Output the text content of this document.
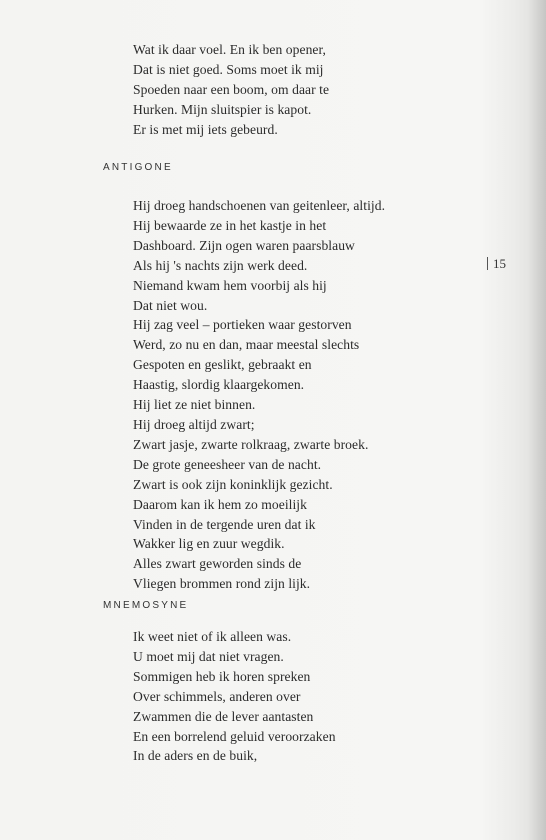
Wat ik daar voel. En ik ben opener,
Dat is niet goed. Soms moet ik mij
Spoeden naar een boom, om daar te
Hurken. Mijn sluitspier is kapot.
Er is met mij iets gebeurd.
ANTIGONE
Hij droeg handschoenen van geitenleer, altijd.
Hij bewaarde ze in het kastje in het
Dashboard. Zijn ogen waren paarsblauw
Als hij 's nachts zijn werk deed.
Niemand kwam hem voorbij als hij
Dat niet wou.
Hij zag veel – portieken waar gestorven
Werd, zo nu en dan, maar meestal slechts
Gespoten en geslikt, gebraakt en
Haastig, slordig klaargekomen.
Hij liet ze niet binnen.
Hij droeg altijd zwart;
Zwart jasje, zwarte rolkraag, zwarte broek.
De grote geneesheer van de nacht.
Zwart is ook zijn koninklijk gezicht.
Daarom kan ik hem zo moeilijk
Vinden in de tergende uren dat ik
Wakker lig en zuur wegdik.
Alles zwart geworden sinds de
Vliegen brommen rond zijn lijk.
15
MNEMOSYNE
Ik weet niet of ik alleen was.
U moet mij dat niet vragen.
Sommigen heb ik horen spreken
Over schimmels, anderen over
Zwammen die de lever aantasten
En een borrelend geluid veroorzaken
In de aders en de buik,
